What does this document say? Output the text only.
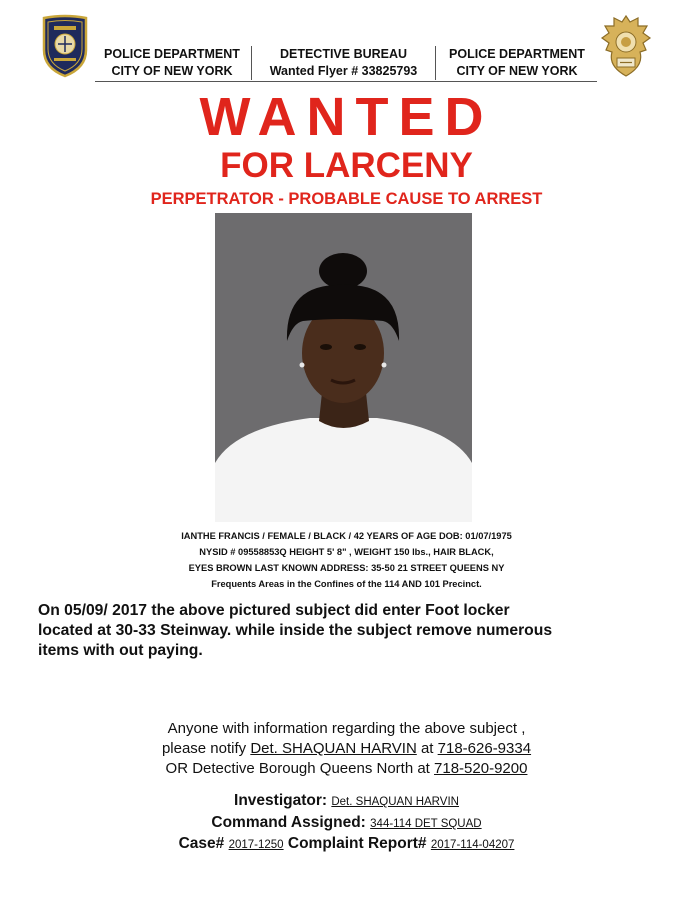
POLICE DEPARTMENT
CITY OF NEW YORK
DETECTIVE BUREAU
Wanted Flyer # 33825793
POLICE DEPARTMENT
CITY OF NEW YORK
WANTED
FOR LARCENY
PERPETRATOR - PROBABLE CAUSE TO ARREST
IANTHE FRANCIS / FEMALE / BLACK / 42 YEARS OF AGE DOB: 01/07/1975
NYSID # 09558853Q HEIGHT 5' 8" , WEIGHT 150 lbs., HAIR BLACK,
EYES BROWN LAST KNOWN ADDRESS: 35-50 21 STREET QUEENS NY
Frequents Areas in the Confines of the 114 AND 101 Precinct.
On 05/09/ 2017 the above pictured subject did enter Foot locker
located at 30-33 Steinway. while inside the subject remove numerous
items with out paying.
Anyone with information regarding the above subject ,
please notify Det. SHAQUAN HARVIN at 718-626-9334
OR Detective Borough Queens North at 718-520-9200
Investigator: Det. SHAQUAN HARVIN
Command Assigned: 344-114 DET SQUAD
Case# 2017-1250 Complaint Report# 2017-114-04207
